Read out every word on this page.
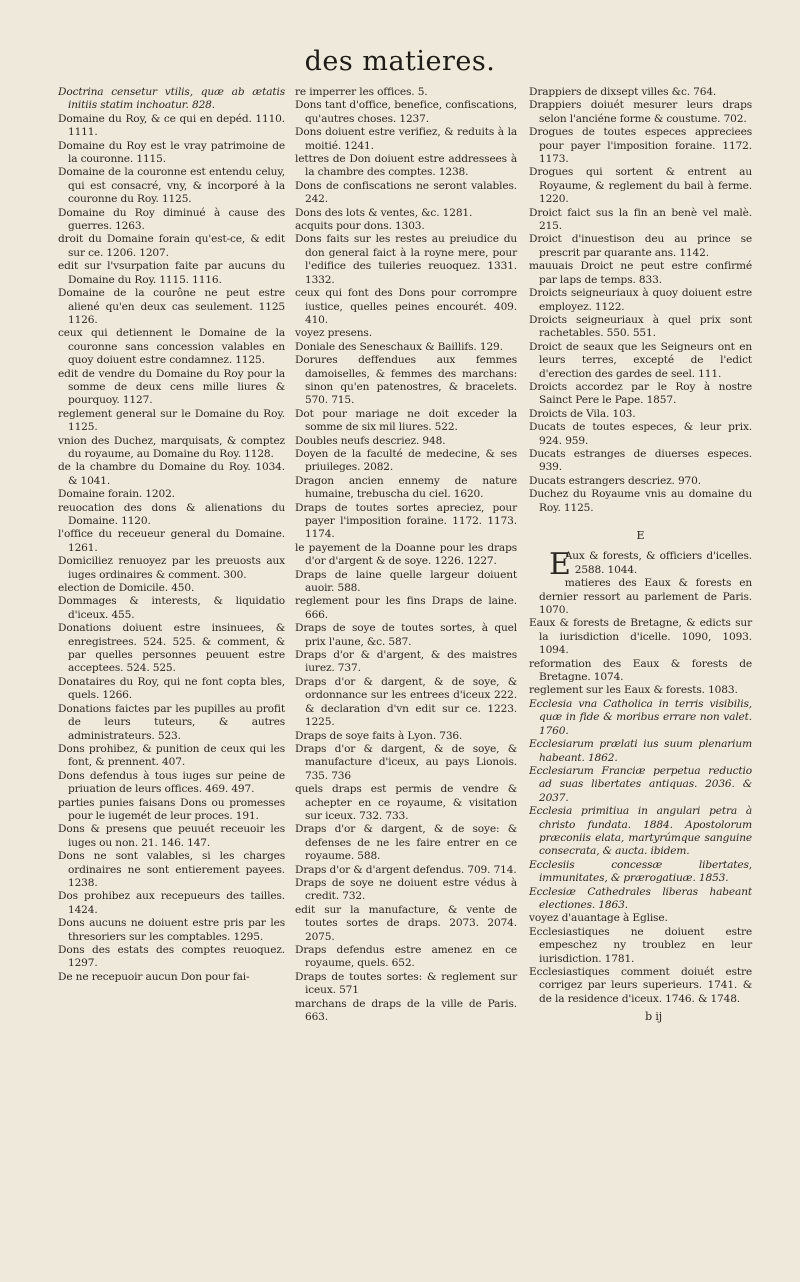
des matieres.

Doctrina censetur vtilis, quæ ab ætatis initiis statim inchoatur. 828.

Domaine du Roy, & ce qui en depéd. 1110. 1111.

Domaine du Roy est le vray patrimoine de la couronne. 1115.

Domaine de la couronne est entendu celuy, qui est consacré, vny, & incorporé à la couronne du Roy. 1125.

Domaine du Roy diminué à cause des guerres. 1263.

droit du Domaine forain qu'est-ce, & edit sur ce. 1206. 1207.

edit sur l'vsurpation faite par aucuns du Domaine du Roy. 1115. 1116.

Domaine de la courône ne peut estre aliené qu'en deux cas seulement. 1125 1126.

ceux qui detiennent le Domaine de la couronne sans concession valables en quoy doiuent estre condamnez. 1125.

edit de vendre du Domaine du Roy pour la somme de deux cens mille liures & pourquoy. 1127.

reglement general sur le Domaine du Roy. 1125.

vnion des Duchez, marquisats, & comptez du royaume, au Domaine du Roy. 1128.

de la chambre du Domaine du Roy. 1034. & 1041.

Domaine forain. 1202.

reuocation des dons & alienations du Domaine. 1120.

l'office du receueur general du Domaine. 1261.

Domiciliez renuoyez par les preuosts aux iuges ordinaires & comment. 300.

election de Domicile. 450.

Dommages & interests, & liquidatio d'iceux. 455.

Donations doiuent estre insinuees, & enregistrees. 524. 525. & comment, & par quelles personnes peuuent estre acceptees. 524. 525.

Donataires du Roy, qui ne font copta bles, quels. 1266.

Donations faictes par les pupilles au profit de leurs tuteurs, & autres administrateurs. 523.

Dons prohibez, & punition de ceux qui les font, & prennent. 407.

Dons defendus à tous iuges sur peine de priuation de leurs offices. 469. 497.

parties punies faisans Dons ou promesses pour le iugemét de leur proces. 191.

Dons & presens que peuuét receuoir les iuges ou non. 21. 146. 147.

Dons ne sont valables, si les charges ordinaires ne sont entierement payees. 1238.

Dos prohibez aux recepueurs des tailles. 1424.

Dons aucuns ne doiuent estre pris par les thresoriers sur les comptables. 1295.

Dons des estats des comptes reuoquez. 1297.

De ne recepuoir aucun Don pour fai-

re imperrer les offices. 5.

Dons tant d'office, benefice, confiscations, qu'autres choses. 1237.

Dons doiuent estre verifiez, & reduits à la moitié. 1241.

lettres de Don doiuent estre addressees à la chambre des comptes. 1238.

Dons de confiscations ne seront valables. 242.

Dons des lots & ventes, &c. 1281.

acquits pour dons. 1303.

Dons faits sur les restes au preiudice du don general faict à la royne mere, pour l'edifice des tuileries reuoquez. 1331. 1332.

ceux qui font des Dons pour corrompre iustice, quelles peines encourét. 409. 410.

voyez presens.

Doniale des Seneschaux & Baillifs. 129.

Dorures deffendues aux femmes damoiselles, & femmes des marchans: sinon qu'en patenostres, & bracelets. 570. 715.

Dot pour mariage ne doit exceder la somme de six mil liures. 522.

Doubles neufs descriez. 948.

Doyen de la faculté de medecine, & ses priuileges. 2082.

Dragon ancien ennemy de nature humaine, trebuscha du ciel. 1620.

Draps de toutes sortes apreciez, pour payer l'imposition foraine. 1172. 1173. 1174.

le payement de la Doanne pour les draps d'or d'argent & de soye. 1226. 1227.

Draps de laine quelle largeur doiuent auoir. 588.

reglement pour les fins Draps de laine. 666.

Draps de soye de toutes sortes, à quel prix l'aune, &c. 587.

Draps d'or & d'argent, & des maistres iurez. 737.

Draps d'or & dargent, & de soye, & ordonnance sur les entrees d'iceux 222. & declaration d'vn edit sur ce. 1223. 1225.

Draps de soye faits à Lyon. 736.

Draps d'or & dargent, & de soye, & manufacture d'iceux, au pays Lionois. 735. 736

quels draps est permis de vendre & achepter en ce royaume, & visitation sur iceux. 732. 733.

Draps d'or & dargent, & de soye: & defenses de ne les faire entrer en ce royaume. 588.

Draps d'or & d'argent defendus. 709. 714.

Draps de soye ne doiuent estre védus à credit. 732.

edit sur la manufacture, & vente de toutes sortes de draps. 2073. 2074. 2075.

Draps defendus estre amenez en ce royaume, quels. 652.

Draps de toutes sortes: & reglement sur iceux. 571

marchans de draps de la ville de Paris. 663.

Drappiers de dixsept villes &c. 764.

Drappiers doiuét mesurer leurs draps selon l'anciéne forme & coustume. 702.

Drogues de toutes especes appreciees pour payer l'imposition foraine. 1172. 1173.

Drogues qui sortent & entrent au Royaume, & reglement du bail à ferme. 1220.

Droict faict sus la fin an benè vel malè. 215.

Droict d'inuestison deu au prince se prescrit par quarante ans. 1142.

mauuais Droict ne peut estre confirmé par laps de temps. 833.

Droicts seigneuriaux à quoy doiuent estre employez. 1122.

Droicts seigneuriaux à quel prix sont rachetables. 550. 551.

Droict de seaux que les Seigneurs ont en leurs terres, excepté de l'edict d'erection des gardes de seel. 111.

Droicts accordez par le Roy à nostre Sainct Pere le Pape. 1857.

Droicts de Vila. 103.

Ducats de toutes especes, & leur prix. 924. 959.

Ducats estranges de diuerses especes. 939.

Ducats estrangers descriez. 970.

Duchez du Royaume vnis au domaine du Roy. 1125.

E

E
Aux & forests, & officiers d'icelles. 2588. 1044.

matieres des Eaux & forests en dernier ressort au parlement de Paris. 1070.

Eaux & forests de Bretagne, & edicts sur la iurisdiction d'icelle. 1090, 1093. 1094.

reformation des Eaux & forests de Bretagne. 1074.

reglement sur les Eaux & forests. 1083.

Ecclesia vna Catholica in terris visibilis, quæ in fide & moribus errare non valet. 1760.

Ecclesiarum prælati ius suum plenarium habeant. 1862.

Ecclesiarum Franciæ perpetua reductio ad suas libertates antiquas. 2036. & 2037.

Ecclesia primitiua in angulari petra à christo fundata. 1884. Apostolorum præconiis elata, martyrúmque sanguine consecrata, & aucta. ibidem.

Ecclesiis concessæ libertates, immunitates, & prærogatiuæ. 1853.

Ecclesiæ Cathedrales liberas habeant electiones. 1863.

voyez d'auantage à Eglise.

Ecclesiastiques ne doiuent estre empeschez ny troublez en leur iurisdiction. 1781.

Ecclesiastiques comment doiuét estre corrigez par leurs superieurs. 1741. & de la residence d'iceux. 1746. & 1748.

b ij
